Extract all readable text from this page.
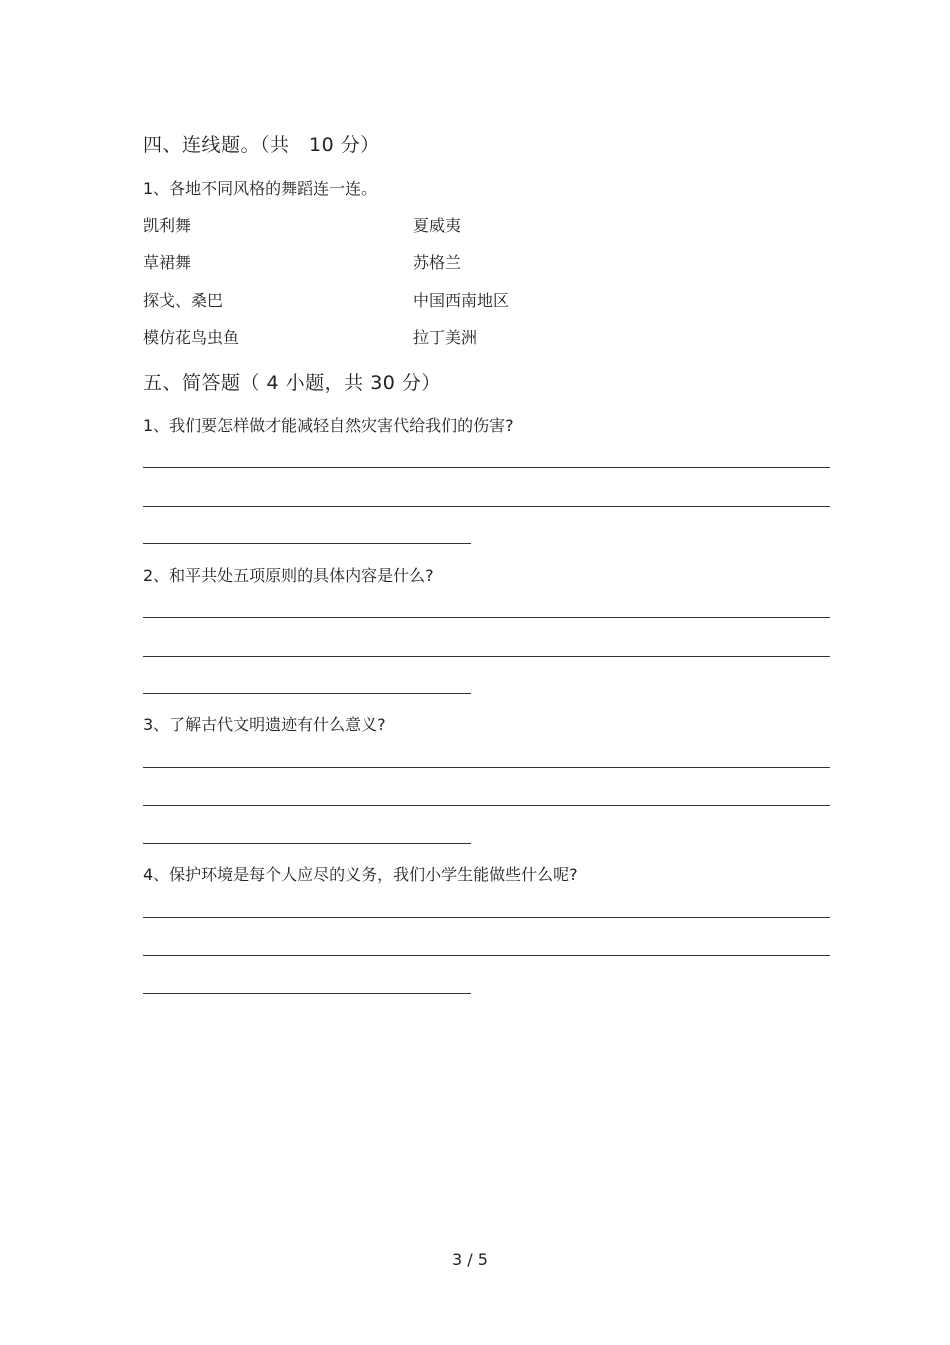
四、连线题。（共　10 分）
1、各地不同风格的舞蹈连一连。
凯利舞	夏威夷
草裙舞	苏格兰
探戈、桑巴	中国西南地区
模仿花鸟虫鱼	拉丁美洲
五、简答题（ 4 小题，共 30 分）
1、我们要怎样做才能减轻自然灾害代给我们的伤害?
2、和平共处五项原则的具体内容是什么?
3、了解古代文明遗迹有什么意义?
4、保护环境是每个人应尽的义务，我们小学生能做些什么呢?
3 / 5
